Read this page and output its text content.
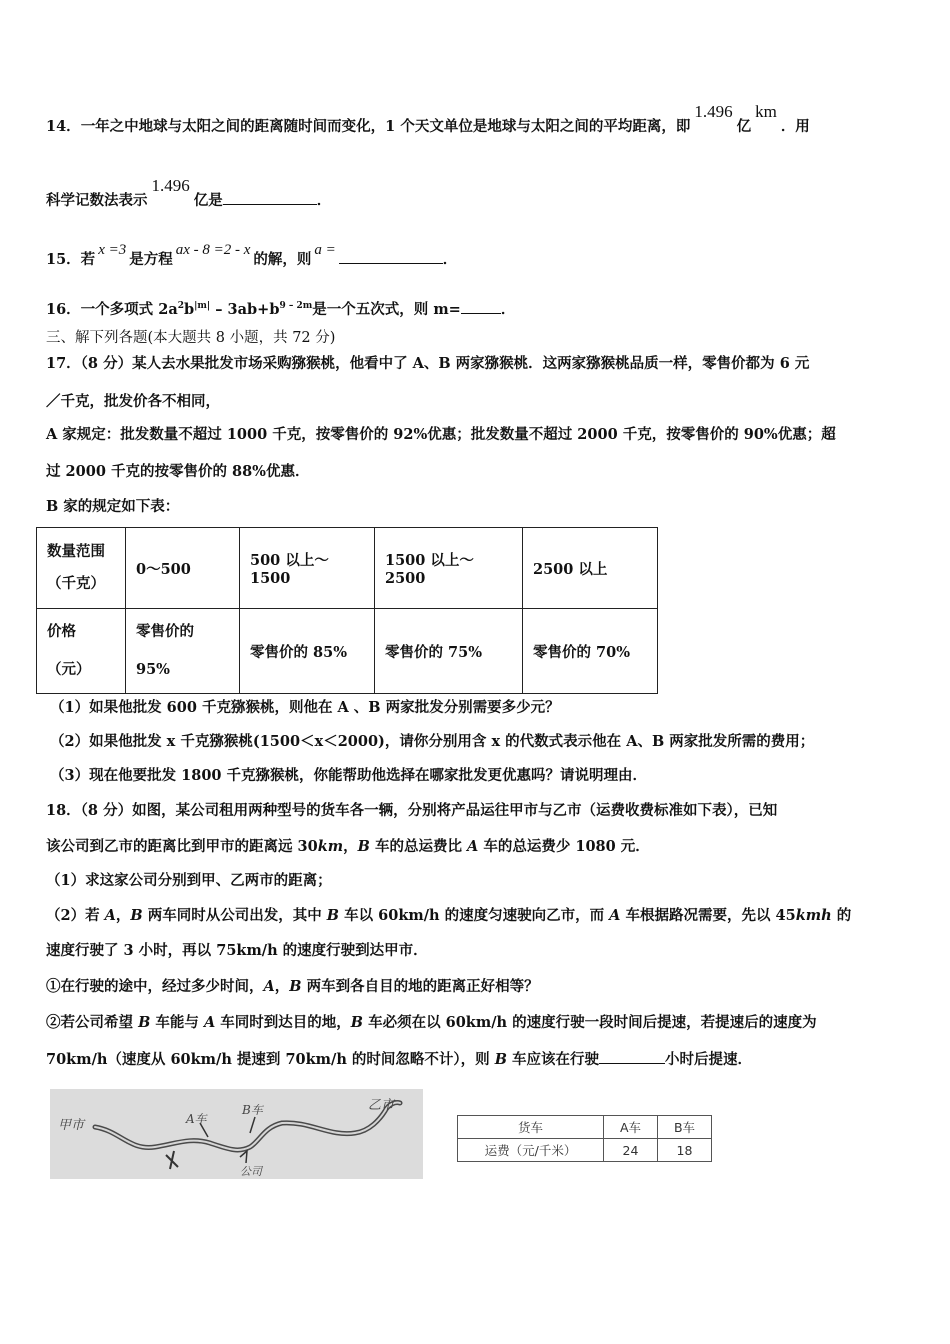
14．一年之中地球与太阳之间的距离随时间而变化，1 个天文单位是地球与太阳之间的平均距离，即1.496亿km．用
科学记数法表示1.496亿是	．
15．若x =3是方程ax - 8 =2 - x的解，则a =．
16．一个多项式 $2a^2b^{|m|} - 3ab+b^{9 - 2m}$是一个五次式，则 m=	．
三、解下列各题(本大题共 8 小题，共 72 分)
17．（8 分）某人去水果批发市场采购猕猴桃，他看中了 A、B 两家猕猴桃．这两家猕猴桃品质一样，零售价都为 6 元
／千克，批发价各不相同，
A 家规定：批发数量不超过 1000 千克，按零售价的 92%优惠；批发数量不超过 2000 千克，按零售价的 90%优惠；超
过 2000 千克的按零售价的 88%优惠．
B 家的规定如下表：
数量范围
（千克）	0～500	500 以上～1500	1500 以上～2500	2500 以上
价格
（元）	零售价的
95%	零售价的 85%	零售价的 75%	零售价的 70%
（1）如果他批发 600 千克猕猴桃，则他在 A 、B 两家批发分别需要多少元？
（2）如果他批发 x 千克猕猴桃(1500＜x＜2000)，请你分别用含 x 的代数式表示他在 A、B 两家批发所需的费用；
（3）现在他要批发 1800 千克猕猴桃，你能帮助他选择在哪家批发更优惠吗？请说明理由．
18．（8 分）如图，某公司租用两种型号的货车各一辆，分别将产品运往甲市与乙市（运费收费标准如下表），已知
该公司到乙市的距离比到甲市的距离远 30km，B 车的总运费比 A 车的总运费少 1080 元．
（1）求这家公司分别到甲、乙两市的距离；
（2）若 A，B 两车同时从公司出发，其中 B 车以 60km/h 的速度匀速驶向乙市，而 A 车根据路况需要，先以 45kmh 的
速度行驶了 3 小时，再以 75km/h 的速度行驶到达甲市．
①在行驶的途中，经过多少时间，A，B 两车到各自目的地的距离正好相等？
②若公司希望 B 车能与 A 车同时到达目的地，B 车必须在以 60km/h 的速度行驶一段时间后提速，若提速后的速度为
70km/h（速度从 60km/h 提速到 70km/h 的时间忽略不计），则 B 车应该在行驶	小时后提速．
甲市
乙市
A车
B车
公司
货车	A车	B车
运费（元/千米）	24	18
